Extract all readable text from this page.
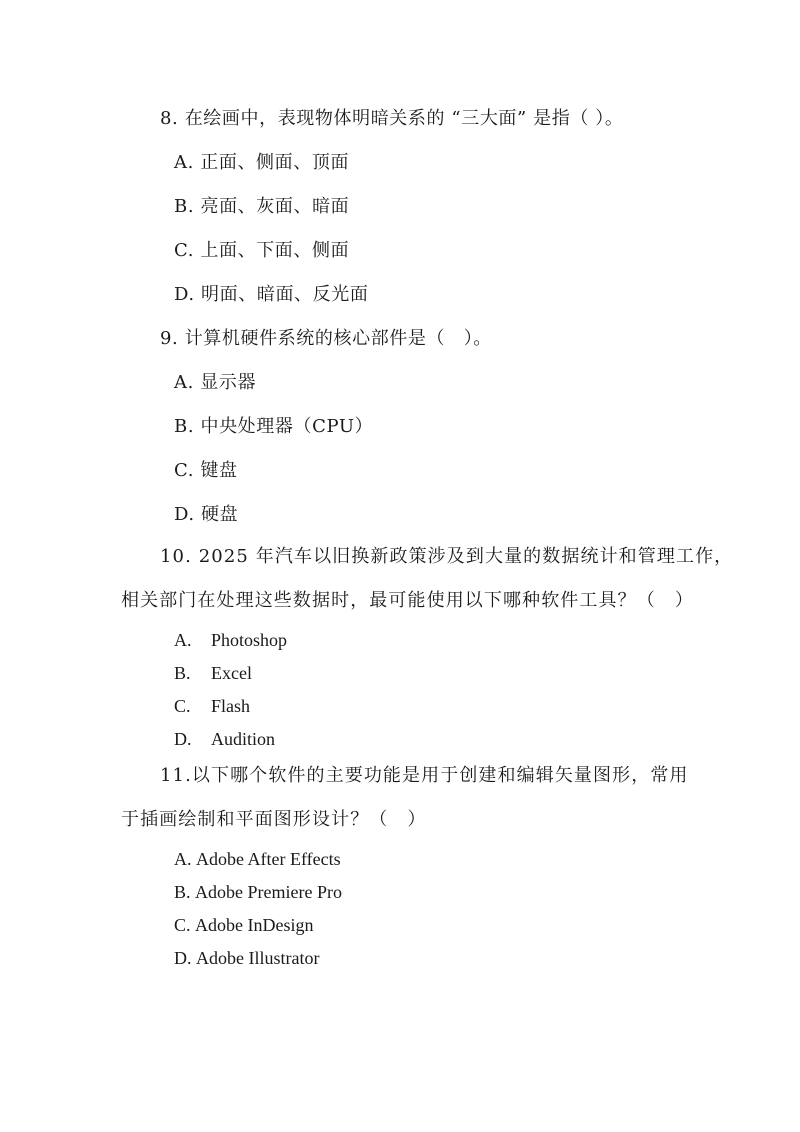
8. 在绘画中，表现物体明暗关系的 “三大面” 是指（ ）。
A. 正面、侧面、顶面
B. 亮面、灰面、暗面
C. 上面、下面、侧面
D. 明面、暗面、反光面
9. 计算机硬件系统的核心部件是（　）。
A. 显示器
B. 中央处理器（CPU）
C. 键盘
D. 硬盘
10. 2025 年汽车以旧换新政策涉及到大量的数据统计和管理工作，
相关部门在处理这些数据时，最可能使用以下哪种软件工具？（　）
A. Photoshop
B. Excel
C. Flash
D. Audition
11.以下哪个软件的主要功能是用于创建和编辑矢量图形，常用
于插画绘制和平面图形设计？（　）
A. Adobe After Effects
B. Adobe Premiere Pro
C. Adobe InDesign
D. Adobe Illustrator
